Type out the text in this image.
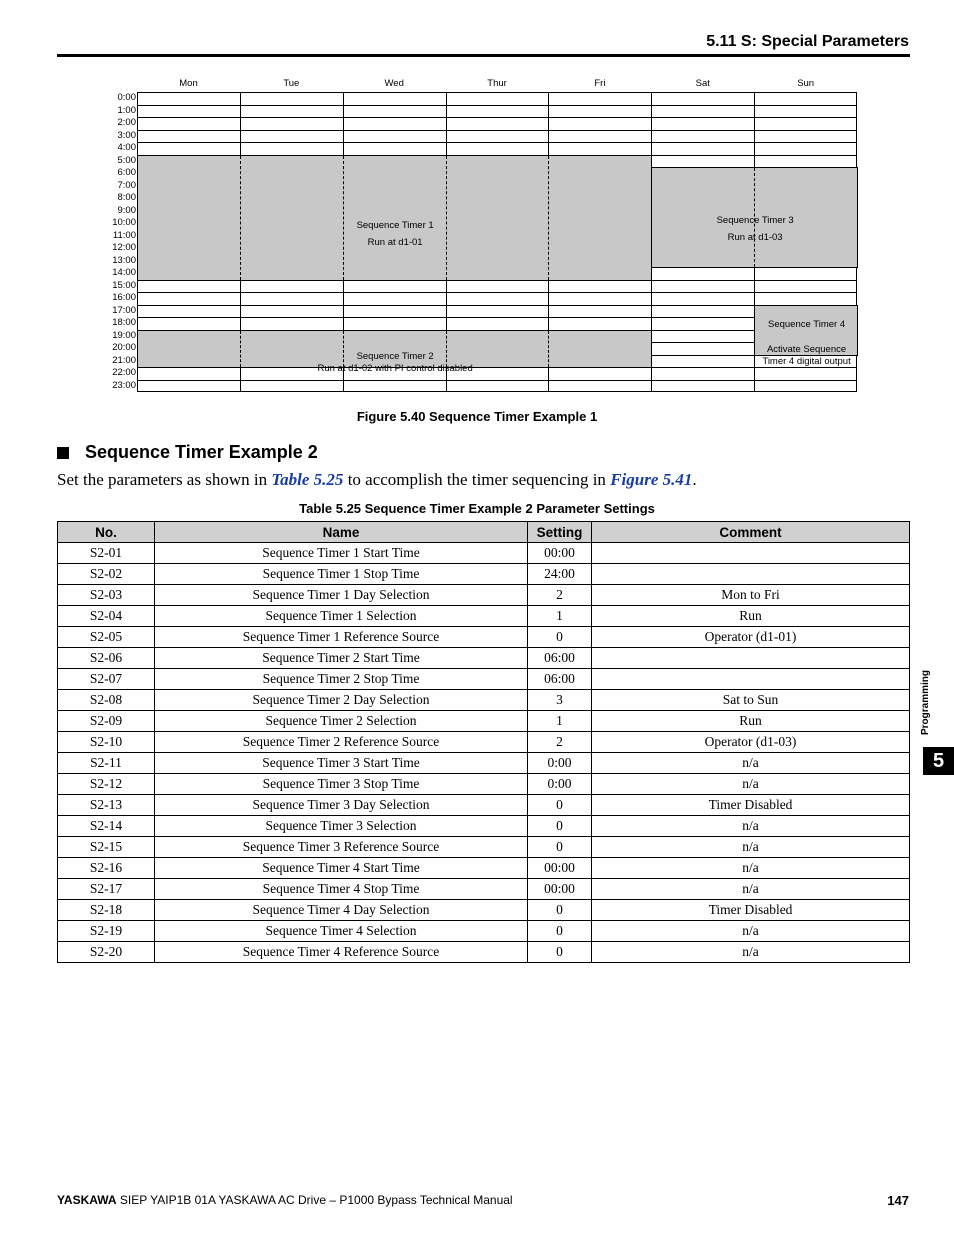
5.11 S: Special Parameters
Sequence Timer 1
Run at d1-01
Sequence Timer 2
Run at d1-02 with PI control disabled
Sequence Timer 3
Run at d1-03
Sequence Timer 4
Activate Sequence
Timer 4 digital output
Mon	Tue	Wed	Thur	Fri	Sat	Sun
0:00
1:00
2:00
3:00
4:00
5:00
6:00
7:00
8:00
9:00
10:00
11:00
12:00
13:00
14:00
15:00
16:00
17:00
18:00
19:00
20:00
21:00
22:00
23:00
Figure 5.40 Sequence Timer Example 1
Sequence Timer Example 2
Set the parameters as shown in Table 5.25 to accomplish the timer sequencing in Figure 5.41.
Table 5.25 Sequence Timer Example 2 Parameter Settings
No.	Name	Setting	Comment
S2-01	Sequence Timer 1 Start Time	00:00	
S2-02	Sequence Timer 1 Stop Time	24:00	
S2-03	Sequence Timer 1 Day Selection	2	Mon to Fri
S2-04	Sequence Timer 1 Selection	1	Run
S2-05	Sequence Timer 1 Reference Source	0	Operator (d1-01)
S2-06	Sequence Timer 2 Start Time	06:00	
S2-07	Sequence Timer 2 Stop Time	06:00	
S2-08	Sequence Timer 2 Day Selection	3	Sat to Sun
S2-09	Sequence Timer 2 Selection	1	Run
S2-10	Sequence Timer 2 Reference Source	2	Operator (d1-03)
S2-11	Sequence Timer 3 Start Time	0:00	n/a
S2-12	Sequence Timer 3 Stop Time	0:00	n/a
S2-13	Sequence Timer 3 Day Selection	0	Timer Disabled
S2-14	Sequence Timer 3 Selection	0	n/a
S2-15	Sequence Timer 3 Reference Source	0	n/a
S2-16	Sequence Timer 4 Start Time	00:00	n/a
S2-17	Sequence Timer 4 Stop Time	00:00	n/a
S2-18	Sequence Timer 4 Day Selection	0	Timer Disabled
S2-19	Sequence Timer 4 Selection	0	n/a
S2-20	Sequence Timer 4 Reference Source	0	n/a
Programming
5
YASKAWA SIEP YAIP1B 01A YASKAWA AC Drive – P1000 Bypass Technical Manual	147
